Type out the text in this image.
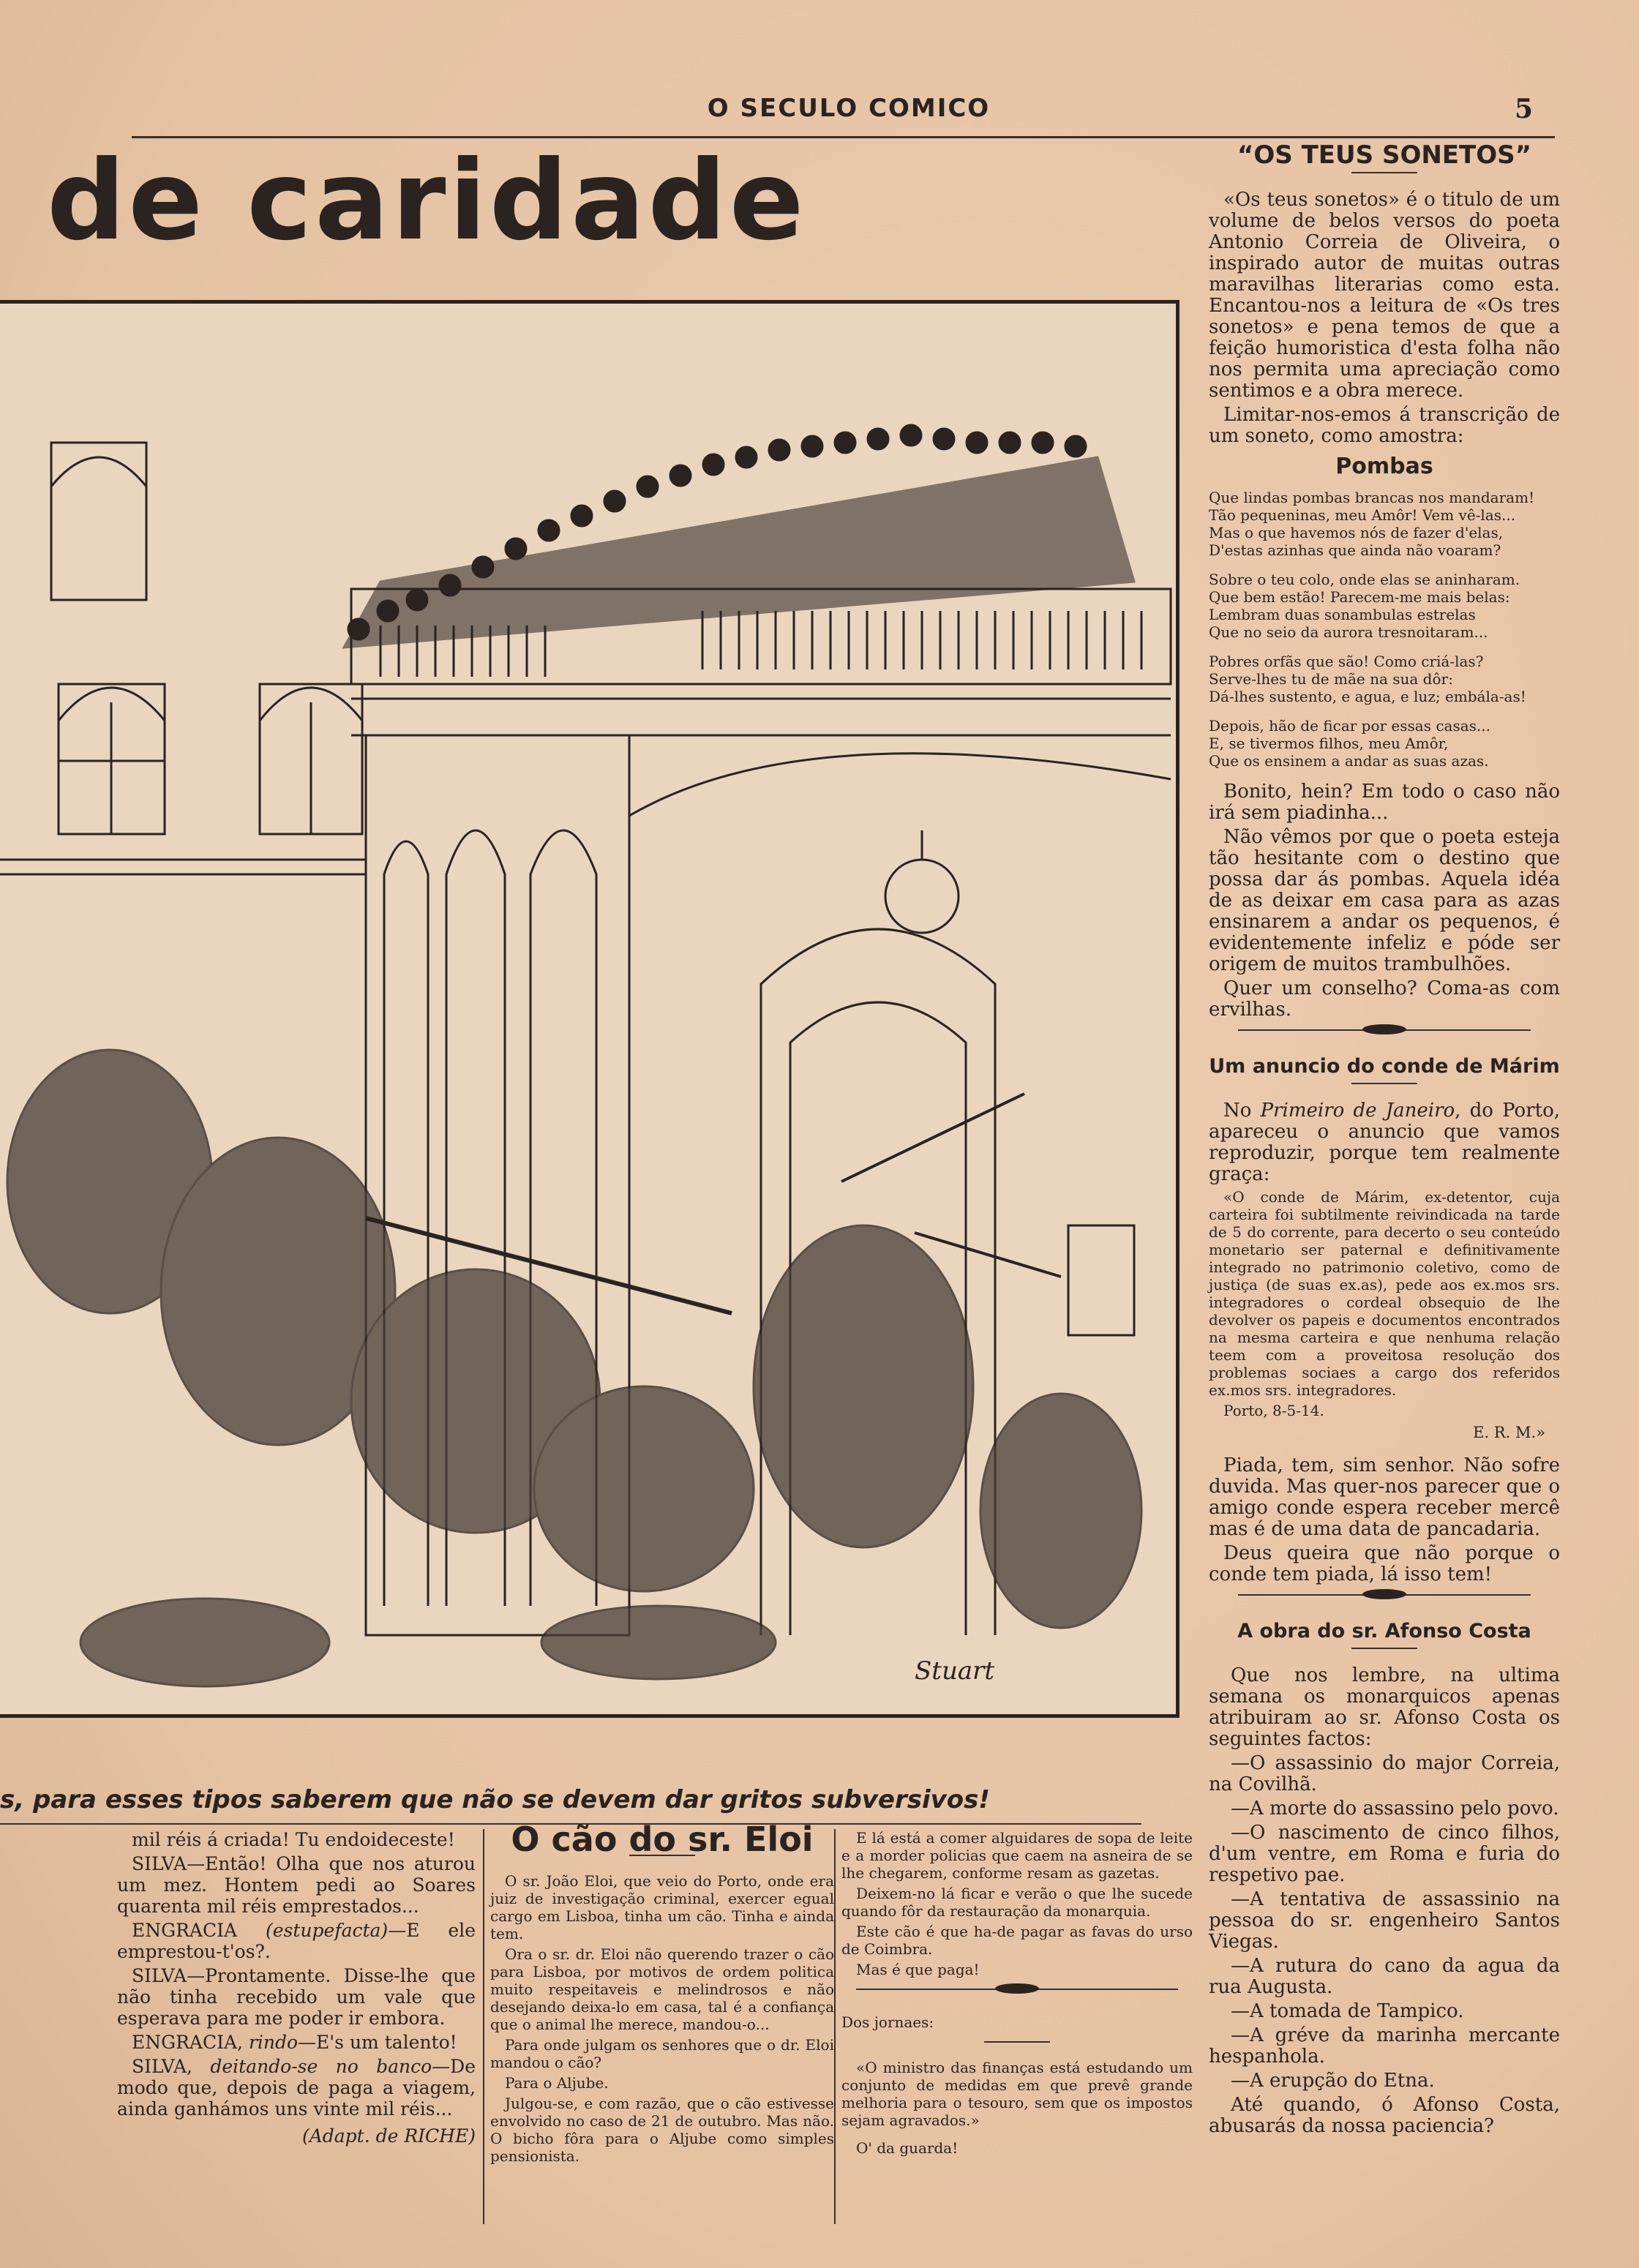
O SECULO COMICO	5
de caridade
Stuart
s, para esses tipos saberem que não se devem dar gritos subversivos!
“OS TEUS SONETOS”

«Os teus sonetos» é o titulo de um volume de belos versos do poeta Antonio Correia de Oliveira, o inspirado autor de muitas outras maravilhas literarias como esta. Encantou-nos a leitura de «Os tres sonetos» e pena temos de que a feição humoristica d'esta folha não nos permita uma apreciação como sentimos e a obra merece.

Limitar-nos-emos á transcrição de um soneto, como amostra:

Pombas
Que lindas pombas brancas nos mandaram!
Tão pequeninas, meu Amôr! Vem vê-las...
Mas o que havemos nós de fazer d'elas,
D'estas azinhas que ainda não voaram?
Sobre o teu colo, onde elas se aninharam.
Que bem estão! Parecem-me mais belas:
Lembram duas sonambulas estrelas
Que no seio da aurora tresnoitaram...
Pobres orfãs que são! Como criá-las?
Serve-lhes tu de mãe na sua dôr:
Dá-lhes sustento, e agua, e luz; embála-as!
Depois, hão de ficar por essas casas...
E, se tivermos filhos, meu Amôr,
Que os ensinem a andar as suas azas.

Bonito, hein? Em todo o caso não irá sem piadinha...

Não vêmos por que o poeta esteja tão hesitante com o destino que possa dar ás pombas. Aquela idéa de as deixar em casa para as azas ensinarem a andar os pequenos, é evidentemente infeliz e póde ser origem de muitos trambulhões.

Quer um conselho? Coma-as com ervilhas.

Um anuncio do conde de Márim

No Primeiro de Janeiro, do Porto, apareceu o anuncio que vamos reproduzir, porque tem realmente graça:

«O conde de Márim, ex-detentor, cuja carteira foi subtilmente reivindicada na tarde de 5 do corrente, para decerto o seu conteúdo monetario ser paternal e definitivamente integrado no patrimonio coletivo, como de justiça (de suas ex.as), pede aos ex.mos srs. integradores o cordeal obsequio de lhe devolver os papeis e documentos encontrados na mesma carteira e que nenhuma relação teem com a proveitosa resolução dos problemas sociaes a cargo dos referidos ex.mos srs. integradores.

Porto, 8-5-14.

E. R. M.»

Piada, tem, sim senhor. Não sofre duvida. Mas quer-nos parecer que o amigo conde espera receber mercê mas é de uma data de pancadaria.

Deus queira que não porque o conde tem piada, lá isso tem!

A obra do sr. Afonso Costa

Que nos lembre, na ultima semana os monarquicos apenas atribuiram ao sr. Afonso Costa os seguintes factos:

—O assassinio do major Correia, na Covilhã.

—A morte do assassino pelo povo.

—O nascimento de cinco filhos, d'um ventre, em Roma e furia do respetivo pae.

—A tentativa de assassinio na pessoa do sr. engenheiro Santos Viegas.

—A rutura do cano da agua da rua Augusta.

—A tomada de Tampico.

—A gréve da marinha mercante hespanhola.

—A erupção do Etna.

Até quando, ó Afonso Costa, abusarás da nossa paciencia?

mil réis á criada! Tu endoideceste!

SILVA—Então! Olha que nos aturou um mez. Hontem pedi ao Soares quarenta mil réis emprestados...

ENGRACIA (estupefacta)—E ele emprestou-t'os?.

SILVA—Prontamente. Disse-lhe que não tinha recebido um vale que esperava para me poder ir embora.

ENGRACIA, rindo—E's um talento!

SILVA, deitando-se no banco—De modo que, depois de paga a viagem, ainda ganhámos uns vinte mil réis...

(Adapt. de RICHE)
O cão do sr. Eloi

O sr. João Eloi, que veio do Porto, onde era juiz de investigação criminal, exercer egual cargo em Lisboa, tinha um cão. Tinha e ainda tem.

Ora o sr. dr. Eloi não querendo trazer o cão para Lisboa, por motivos de ordem politica muito respeitaveis e melindrosos e não desejando deixa-lo em casa, tal é a confiança que o animal lhe merece, mandou-o...

Para onde julgam os senhores que o dr. Eloi mandou o cão?

Para o Aljube.

Julgou-se, e com razão, que o cão estivesse envolvido no caso de 21 de outubro. Mas não. O bicho fôra para o Aljube como simples pensionista.

E lá está a comer alguidares de sopa de leite e a morder policias que caem na asneira de se lhe chegarem, conforme resam as gazetas.

Deixem-no lá ficar e verão o que lhe sucede quando fôr da restauração da monarquia.

Este cão é que ha-de pagar as favas do urso de Coimbra.

Mas é que paga!

Dos jornaes:

«O ministro das finanças está estudando um conjunto de medidas em que prevê grande melhoria para o tesouro, sem que os impostos sejam agravados.»

O' da guarda!
